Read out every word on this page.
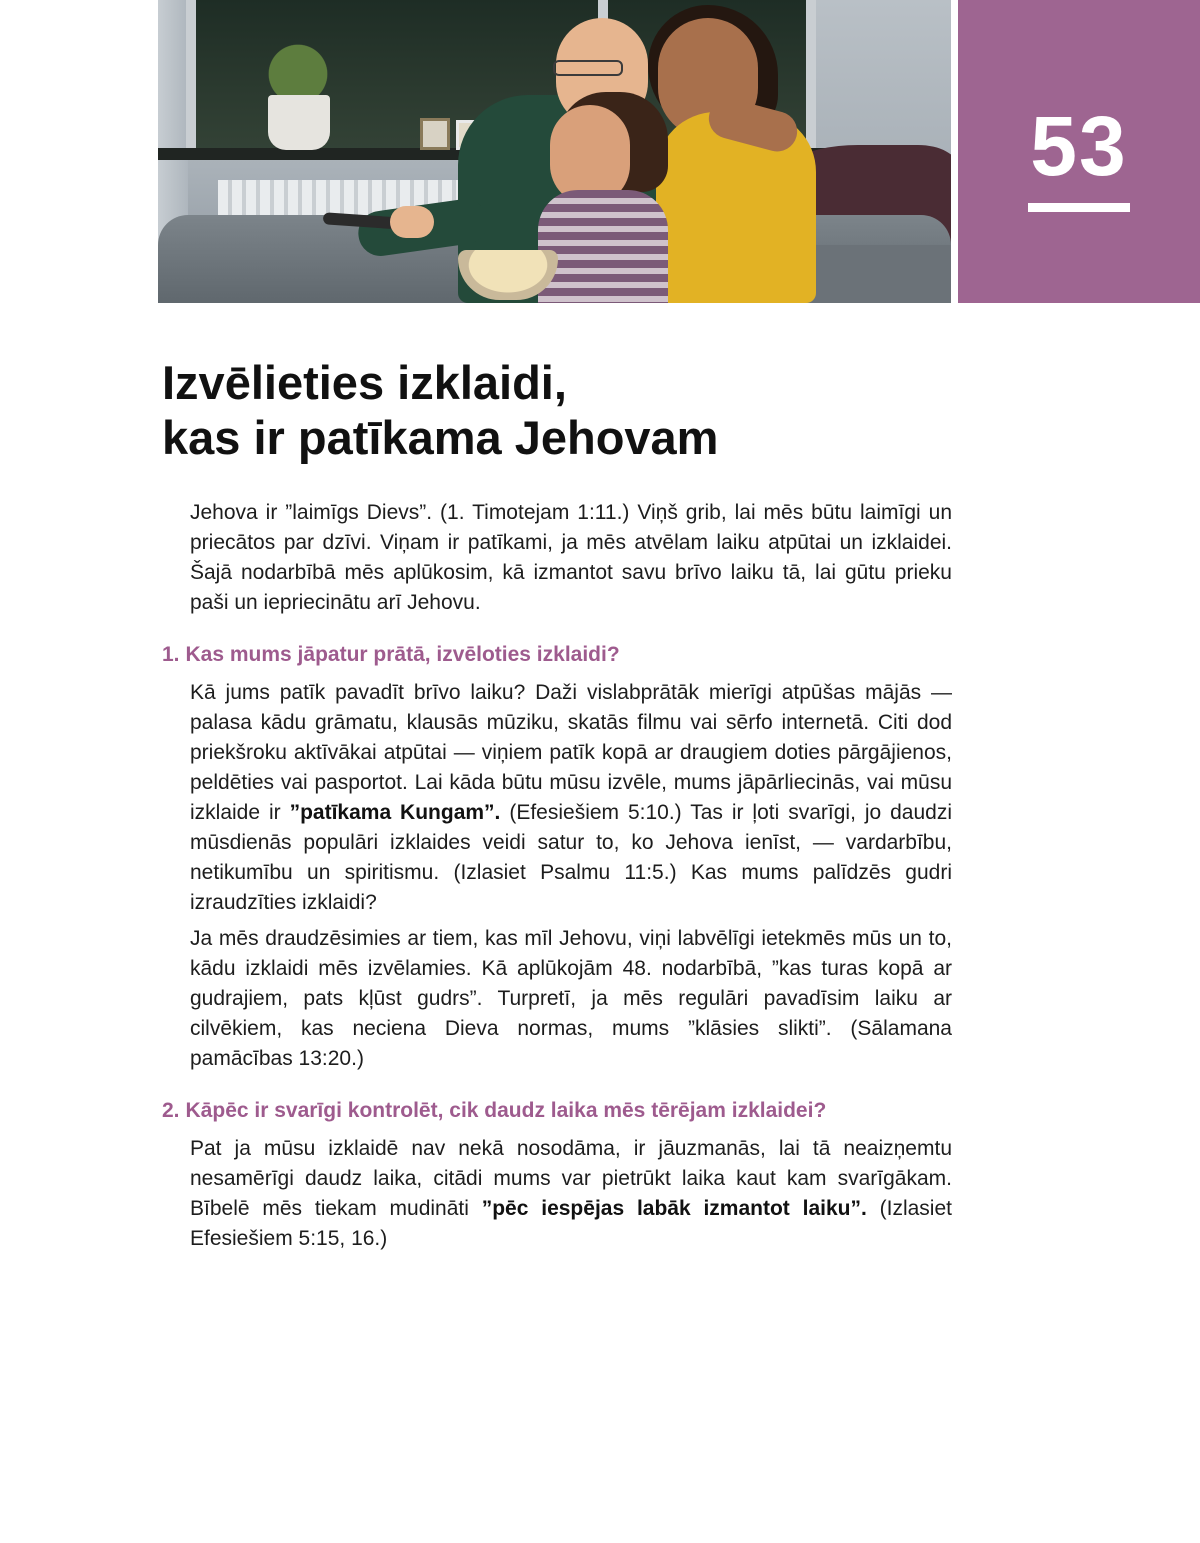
53
Izvēlieties izklaidi,
kas ir patīkama Jehovam

Jehova ir ”laimīgs Dievs”. (1. Timotejam 1:11.) Viņš grib, lai mēs būtu laimīgi un priecātos par dzīvi. Viņam ir patīkami, ja mēs atvēlam laiku atpūtai un izklaidei. Šajā nodarbībā mēs aplūkosim, kā izmantot savu brīvo laiku tā, lai gūtu prieku paši un iepriecinātu arī Jehovu.

1. Kas mums jāpatur prātā, izvēloties izklaidi?

Kā jums patīk pavadīt brīvo laiku? Daži vislabprātāk mierīgi atpūšas mājās — palasa kādu grāmatu, klausās mūziku, skatās filmu vai sērfo internetā. Citi dod priekšroku aktīvākai atpūtai — viņiem patīk kopā ar draugiem doties pārgājienos, peldēties vai pasportot. Lai kāda būtu mūsu izvēle, mums jāpārliecinās, vai mūsu izklaide ir ”patīkama Kungam”. (Efesiešiem 5:10.) Tas ir ļoti svarīgi, jo daudzi mūsdienās populāri izklaides veidi satur to, ko Jehova ienīst, — vardarbību, netikumību un spiritismu. (Izlasiet Psalmu 11:5.) Kas mums palīdzēs gudri izraudzīties izklaidi?

Ja mēs draudzēsimies ar tiem, kas mīl Jehovu, viņi labvēlīgi ietekmēs mūs un to, kādu izklaidi mēs izvēlamies. Kā aplūkojām 48. nodarbībā, ”kas turas kopā ar gudrajiem, pats kļūst gudrs”. Turpretī, ja mēs regulāri pavadīsim laiku ar cilvēkiem, kas neciena Dieva normas, mums ”klāsies slikti”. (Sālamana pamācības 13:20.)

2. Kāpēc ir svarīgi kontrolēt, cik daudz laika mēs tērējam izklaidei?

Pat ja mūsu izklaidē nav nekā nosodāma, ir jāuzmanās, lai tā neaizņemtu nesamērīgi daudz laika, citādi mums var pietrūkt laika kaut kam svarīgākam. Bībelē mēs tiekam mudināti ”pēc iespējas labāk izmantot laiku”. (Izlasiet Efesiešiem 5:15, 16.)
